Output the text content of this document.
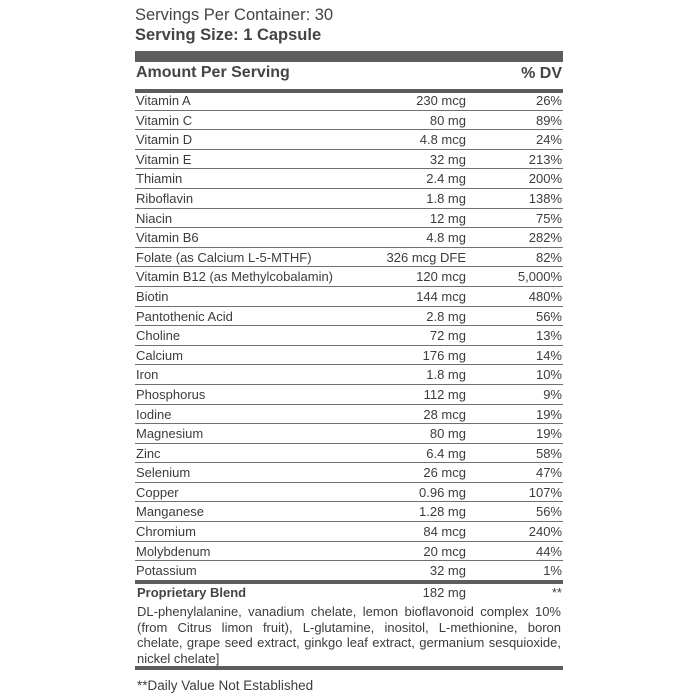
Servings Per Container: 30
Serving Size: 1 Capsule
Amount Per Serving	% DV
Vitamin A	230 mcg	26%
Vitamin C	80 mg	89%
Vitamin D	4.8 mcg	24%
Vitamin E	32 mg	213%
Thiamin	2.4 mg	200%
Riboflavin	1.8 mg	138%
Niacin	12 mg	75%
Vitamin B6	4.8 mg	282%
Folate (as Calcium L-5-MTHF)	326 mcg DFE	82%
Vitamin B12 (as Methylcobalamin)	120 mcg	5,000%
Biotin	144 mcg	480%
Pantothenic Acid	2.8 mg	56%
Choline	72 mg	13%
Calcium	176 mg	14%
Iron	1.8 mg	10%
Phosphorus	112 mg	9%
Iodine	28 mcg	19%
Magnesium	80 mg	19%
Zinc	6.4 mg	58%
Selenium	26 mcg	47%
Copper	0.96 mg	107%
Manganese	1.28 mg	56%
Chromium	84 mcg	240%
Molybdenum	20 mcg	44%
Potassium	32 mg	1%
Proprietary Blend	182 mg	**
DL-phenylalanine, vanadium chelate, lemon bioflavonoid complex 10% (from Citrus limon fruit), L-glutamine, inositol, L-methionine, boron chelate, grape seed extract, ginkgo leaf extract, germanium sesquioxide, nickel chelate]
**Daily Value Not Established
